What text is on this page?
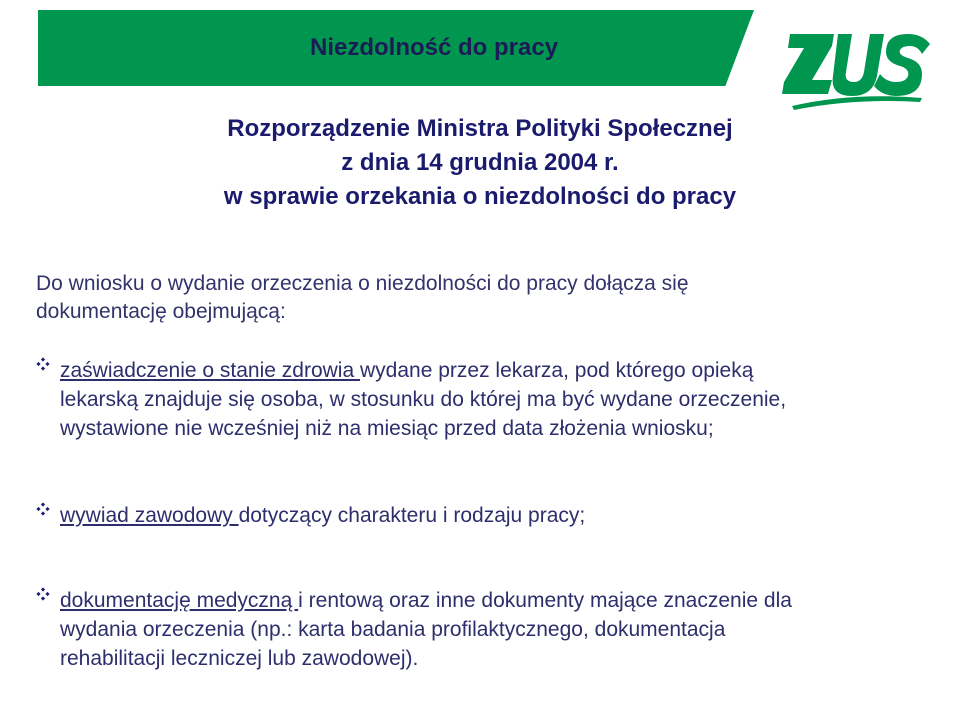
Niezdolność do pracy
Rozporządzenie Ministra Polityki Społecznej
z dnia 14 grudnia 2004 r.
w sprawie orzekania o niezdolności do pracy
Do wniosku o wydanie orzeczenia o niezdolności do pracy dołącza się
dokumentację obejmującą:
zaświadczenie o stanie zdrowia wydane przez lekarza, pod którego opieką
lekarską znajduje się osoba, w stosunku do której ma być wydane orzeczenie,
wystawione nie wcześniej niż na miesiąc przed data złożenia wniosku;
wywiad zawodowy dotyczący charakteru i rodzaju pracy;
dokumentację medyczną i rentową oraz inne dokumenty mające znaczenie dla
wydania orzeczenia (np.: karta badania profilaktycznego, dokumentacja
rehabilitacji leczniczej lub zawodowej).
